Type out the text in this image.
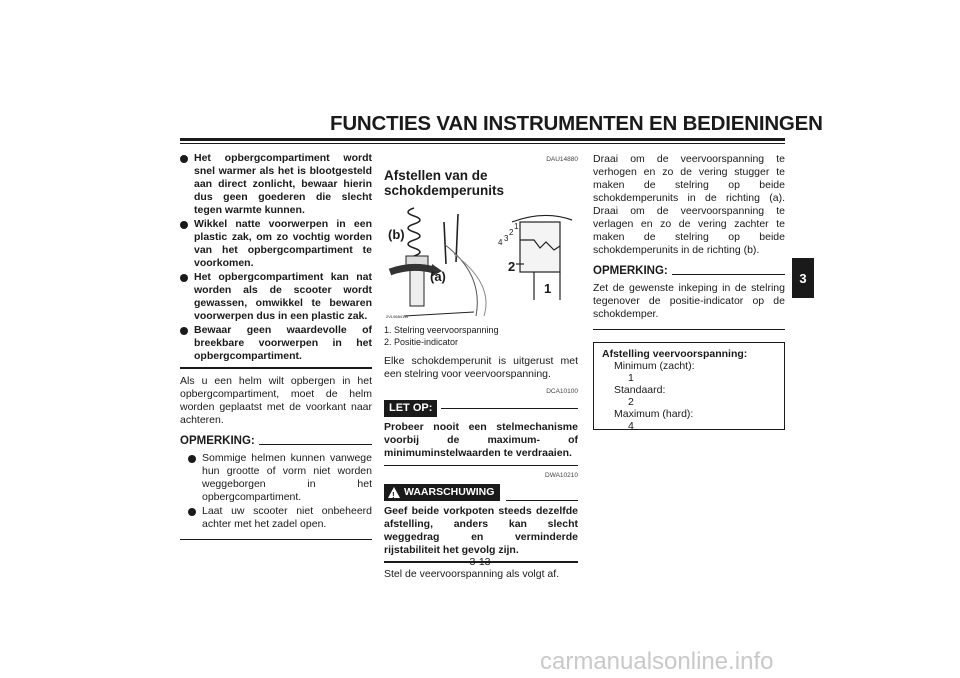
FUNCTIES VAN INSTRUMENTEN EN BEDIENINGEN
3

Het opbergcompartiment wordt snel warmer als het is blootgesteld aan direct zonlicht, bewaar hierin dus geen goederen die slecht tegen warmte kunnen.

Wikkel natte voorwerpen in een plastic zak, om zo vochtig worden van het opbergcompartiment te voorkomen.

Het opbergcompartiment kan nat worden als de scooter wordt gewassen, omwikkel te bewaren voorwerpen dus in een plastic zak.

Bewaar geen waardevolle of breekbare voorwerpen in het opbergcompartiment.

Als u een helm wilt opbergen in het opbergcompartiment, moet de helm worden geplaatst met de voorkant naar achteren.

OPMERKING:

Sommige helmen kunnen vanwege hun grootte of vorm niet worden weggeborgen in het opbergcompartiment.

Laat uw scooter niet onbeheerd achter met het zadel open.

DAU14880
Afstellen van de schokdemperunits
(b)
(a)
2
1
4 3
2
1
2VL9684114
1. Stelring veervoorspanning
2. Positie-indicator

Elke schokdemperunit is uitgerust met een stelring voor veervoorspanning.

DCA10100
LET OP:

Probeer nooit een stelmechanisme voorbij de maximum- of minimuminstelwaarden te verdraaien.

DWA10210
! WAARSCHUWING

Geef beide vorkpoten steeds dezelfde afstelling, anders kan slecht weggedrag en verminderde rijstabiliteit het gevolg zijn.

Stel de veervoorspanning als volgt af.

Draai om de veervoorspanning te verhogen en zo de vering stugger te maken de stelring op beide schokdemperunits in de richting (a). Draai om de veervoorspanning te verlagen en zo de vering zachter te maken de stelring op beide schokdemperunits in de richting (b).

OPMERKING:

Zet de gewenste inkeping in de stelring tegenover de positie-indicator op de schokdemper.

Afstelling veervoorspanning:
Minimum (zacht):
1
Standaard:
2
Maximum (hard):
4
3-13
carmanualsonline.info
